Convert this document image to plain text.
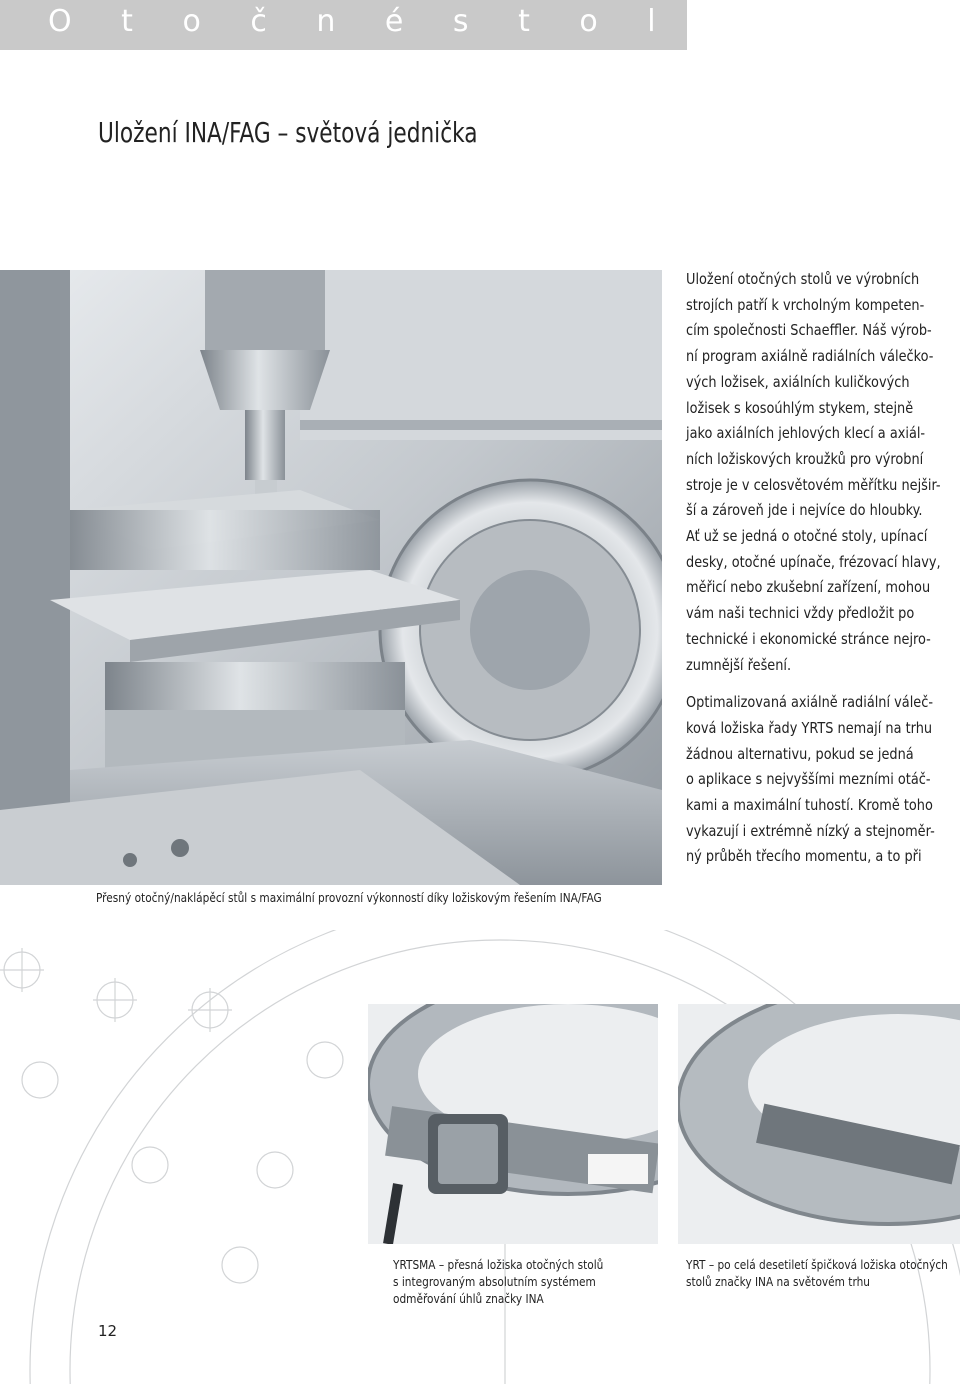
O t o č n é s t o l y
Uložení INA/FAG – světová jednička
Přesný otočný/naklápěcí stůl s maximální provozní výkonností díky ložiskovým řešením INA/FAG

Uložení otočných stolů ve výrobních
strojích patří k vrcholným kompeten-
cím společnosti Schaeffler. Náš výrob-
ní program axiálně radiálních válečko-
vých ložisek, axiálních kuličkových
ložisek s kosoúhlým stykem, stejně
jako axiálních jehlových klecí a axiál-
ních ložiskových kroužků pro výrobní
stroje je v celosvětovém měřítku nejšir-
ší a zároveň jde i nejvíce do hloubky.
Ať už se jedná o otočné stoly, upínací
desky, otočné upínače, frézovací hlavy,
měřicí nebo zkušební zařízení, mohou
vám naši technici vždy předložit po
technické i ekonomické stránce nejro-
zumnější řešení.

Optimalizovaná axiálně radiální váleč-
ková ložiska řady YRTS nemají na trhu
žádnou alternativu, pokud se jedná
o aplikace s nejvyššími mezními otáč-
kami a maximální tuhostí. Kromě toho
vykazují i extrémně nízký a stejnoměr-
ný průběh třecího momentu, a to při

YRTSMA – přesná ložiska otočných stolů
s integrovaným absolutním systémem
odměřování úhlů značky INA
YRT – po celá desetiletí špičková ložiska otočných
stolů značky INA na světovém trhu
12
